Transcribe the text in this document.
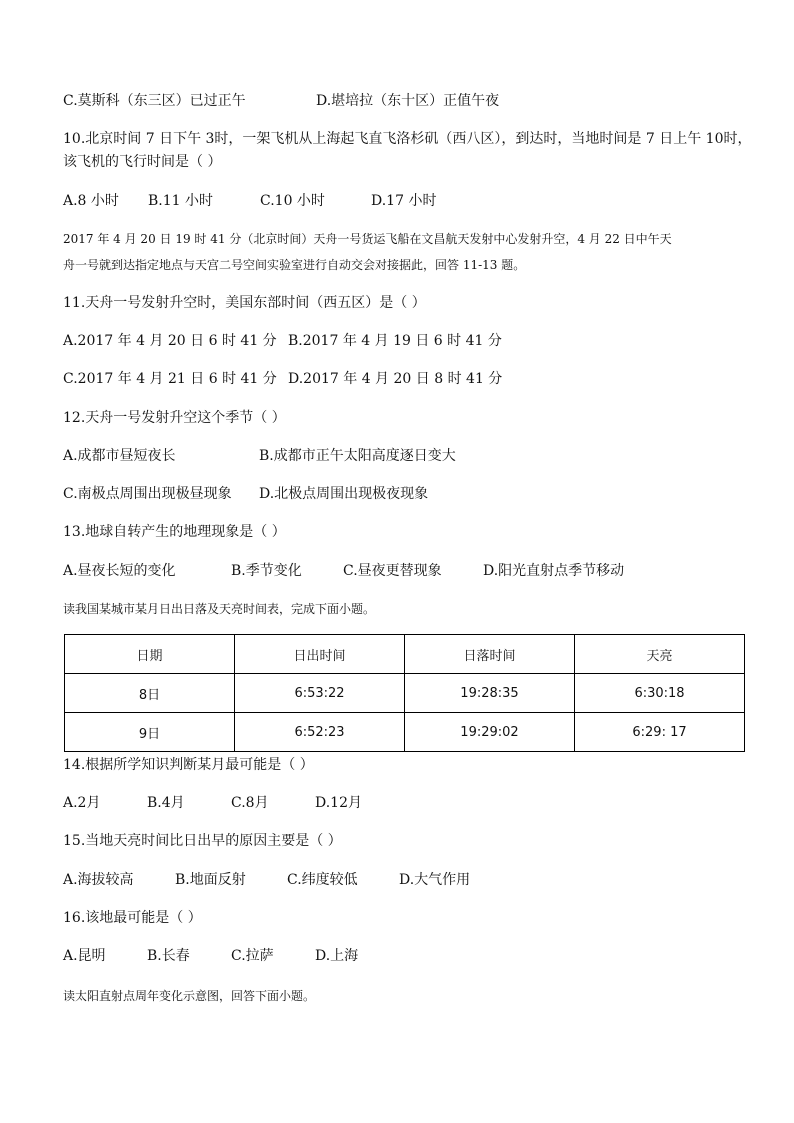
C.莫斯科（东三区）已过正午	D.堪培拉（东十区）正值午夜
10.北京时间 7 日下午 3时，一架飞机从上海起飞直飞洛杉矶（西八区），到达时，当地时间是 7 日上午 10时，
该飞机的飞行时间是（ ）
A.8 小时 B.11 小时	C.10 小时	D.17 小时
2017 年 4 月 20 日 19 时 41 分（北京时间）天舟一号货运飞船在文昌航天发射中心发射升空，4 月 22 日中午天
舟一号就到达指定地点与天宫二号空间实验室进行自动交会对接据此，回答 11-13 题。
11.天舟一号发射升空时，美国东部时间（西五区）是（ ）
A.2017 年 4 月 20 日 6 时 41 分 B.2017 年 4 月 19 日 6 时 41 分
C.2017 年 4 月 21 日 6 时 41 分 D.2017 年 4 月 20 日 8 时 41 分
12.天舟一号发射升空这个季节（ ）
A.成都市昼短夜长	B.成都市正午太阳高度逐日变大
C.南极点周围出现极昼现象 D.北极点周围出现极夜现象
13.地球自转产生的地理现象是（ ）
A.昼夜长短的变化	B.季节变化	C.昼夜更替现象	D.阳光直射点季节移动
读我国某城市某月日出日落及天亮时间表，完成下面小题。
日期	日出时间	日落时间	天亮
8日	6:53:22	19:28:35	6:30:18
9日	6:52:23	19:29:02	6:29: 17
14.根据所学知识判断某月最可能是（ ）
A.2月	B.4月	C.8月	D.12月
15.当地天亮时间比日出早的原因主要是（ ）
A.海拔较高	B.地面反射	C.纬度较低	D.大气作用
16.该地最可能是（ ）
A.昆明	B.长春	C.拉萨	D.上海
读太阳直射点周年变化示意图，回答下面小题。
